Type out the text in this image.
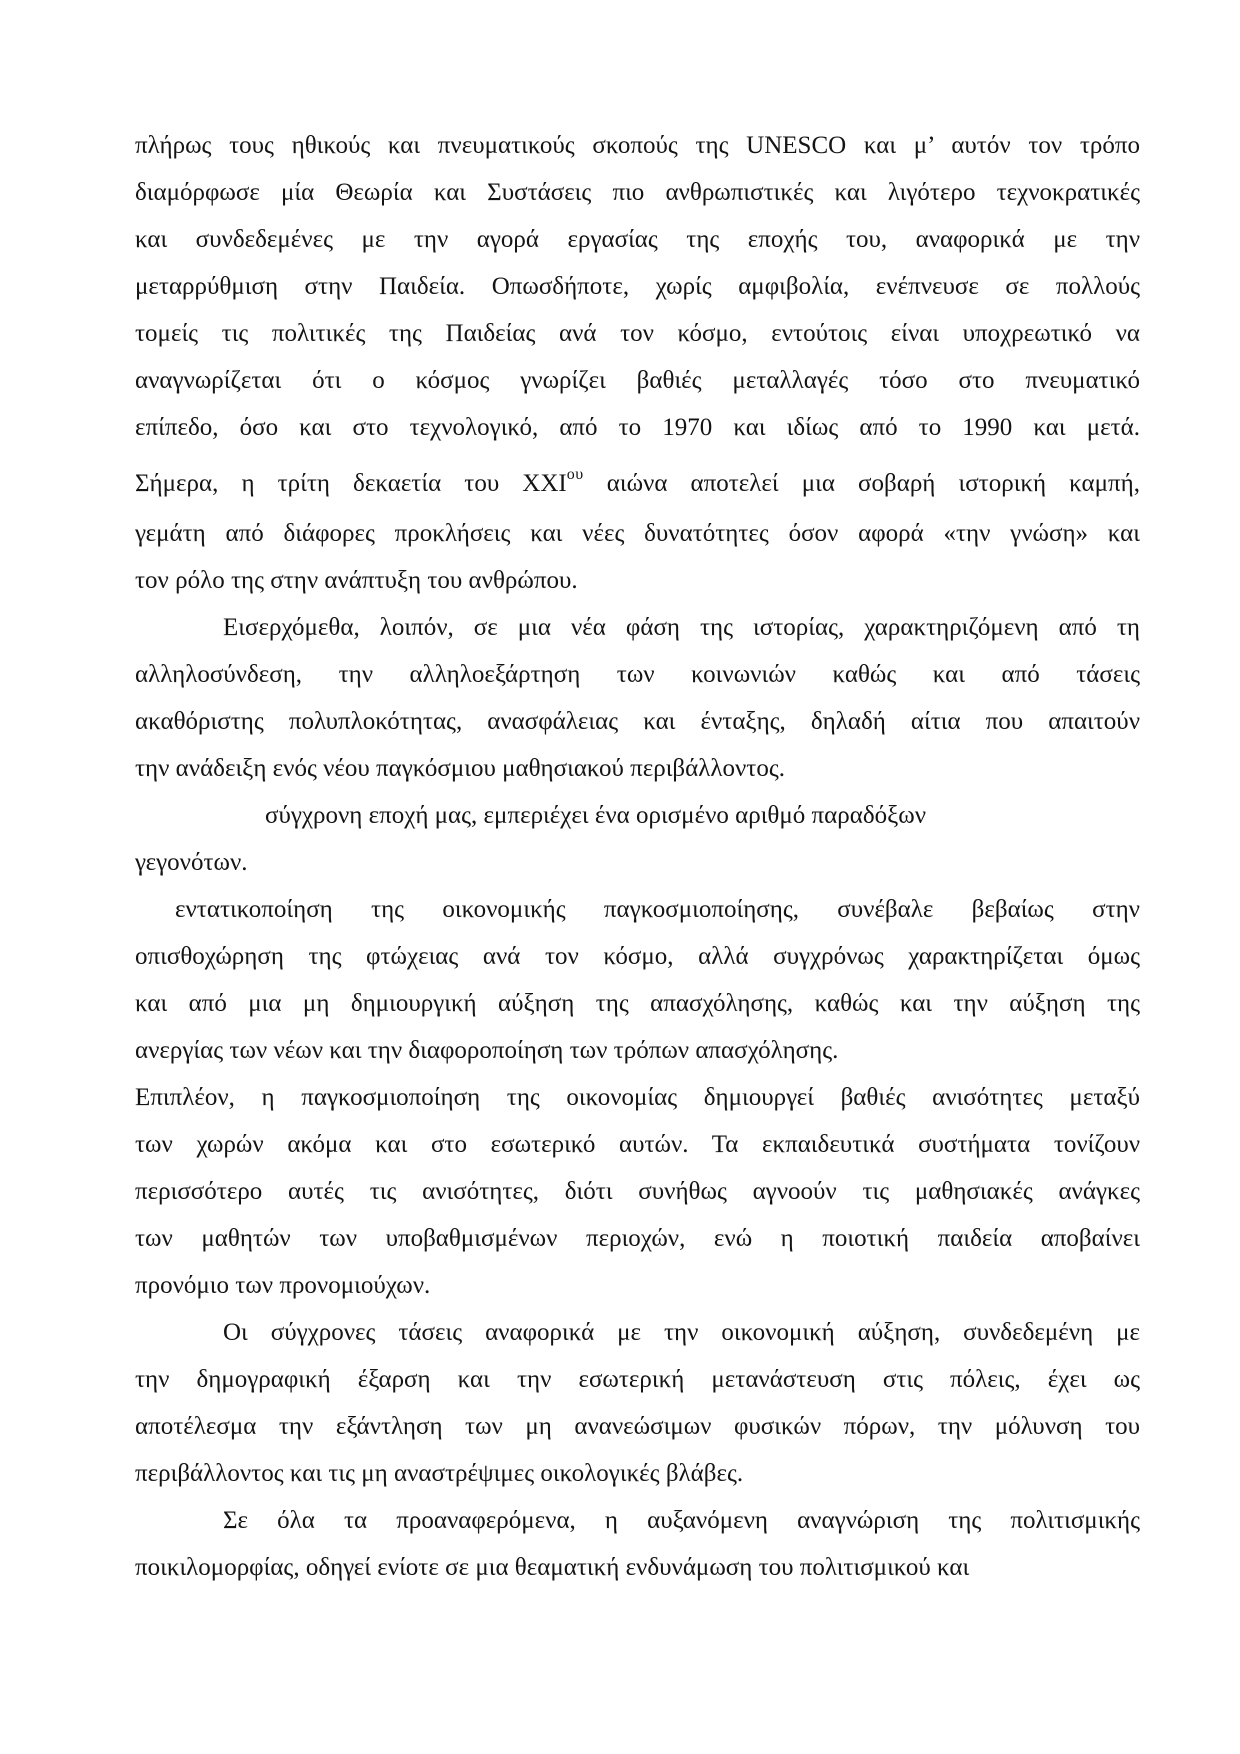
πλήρως τους ηθικούς και πνευματικούς σκοπούς της UNESCO και μ’ αυτόν τον τρόπο
διαμόρφωσε μία Θεωρία και Συστάσεις πιο ανθρωπιστικές και λιγότερο τεχνοκρατικές
και συνδεδεμένες με την αγορά εργασίας της εποχής του, αναφορικά με την
μεταρρύθμιση στην Παιδεία. Οπωσδήποτε, χωρίς αμφιβολία, ενέπνευσε σε πολλούς
τομείς τις πολιτικές της Παιδείας ανά τον κόσμο, εντούτοις είναι υποχρεωτικό να
αναγνωρίζεται ότι ο κόσμος γνωρίζει βαθιές μεταλλαγές τόσο στο πνευματικό
επίπεδο, όσο και στο τεχνολογικό, από το 1970 και ιδίως από το 1990 και μετά.
Σήμερα, η τρίτη δεκαετία του $XXI^{o\upsilon}$ αιώνα αποτελεί μια σοβαρή ιστορική καμπή,
γεμάτη από διάφορες προκλήσεις και νέες δυνατότητες όσον αφορά «την γνώση» και
τον ρόλο της στην ανάπτυξη του ανθρώπου.
Εισερχόμεθα, λοιπόν, σε μια νέα φάση της ιστορίας, χαρακτηριζόμενη από τη
αλληλοσύνδεση, την αλληλοεξάρτηση των κοινωνιών καθώς και από τάσεις
ακαθόριστης πολυπλοκότητας, ανασφάλειας και ένταξης, δηλαδή αίτια που απαιτούν
την ανάδειξη ενός νέου παγκόσμιου μαθησιακού περιβάλλοντος.
σύγχρονη εποχή μας, εμπεριέχει ένα ορισμένο αριθμό παραδόξων
γεγονότων.
εντατικοποίηση της οικονομικής παγκοσμιοποίησης, συνέβαλε βεβαίως στην
οπισθοχώρηση της φτώχειας ανά τον κόσμο, αλλά συγχρόνως χαρακτηρίζεται όμως
και από μια μη δημιουργική αύξηση της απασχόλησης, καθώς και την αύξηση της
ανεργίας των νέων και την διαφοροποίηση των τρόπων απασχόλησης.
Επιπλέον, η παγκοσμιοποίηση της οικονομίας δημιουργεί βαθιές ανισότητες μεταξύ
των χωρών ακόμα και στο εσωτερικό αυτών. Τα εκπαιδευτικά συστήματα τονίζουν
περισσότερο αυτές τις ανισότητες, διότι συνήθως αγνοούν τις μαθησιακές ανάγκες
των μαθητών των υποβαθμισμένων περιοχών, ενώ η ποιοτική παιδεία αποβαίνει
προνόμιο των προνομιούχων.
Οι σύγχρονες τάσεις αναφορικά με την οικονομική αύξηση, συνδεδεμένη με
την δημογραφική έξαρση και την εσωτερική μετανάστευση στις πόλεις, έχει ως
αποτέλεσμα την εξάντληση των μη ανανεώσιμων φυσικών πόρων, την μόλυνση του
περιβάλλοντος και τις μη αναστρέψιμες οικολογικές βλάβες.
Σε όλα τα προαναφερόμενα, η αυξανόμενη αναγνώριση της πολιτισμικής
ποικιλομορφίας, οδηγεί ενίοτε σε μια θεαματική ενδυνάμωση του πολιτισμικού και
